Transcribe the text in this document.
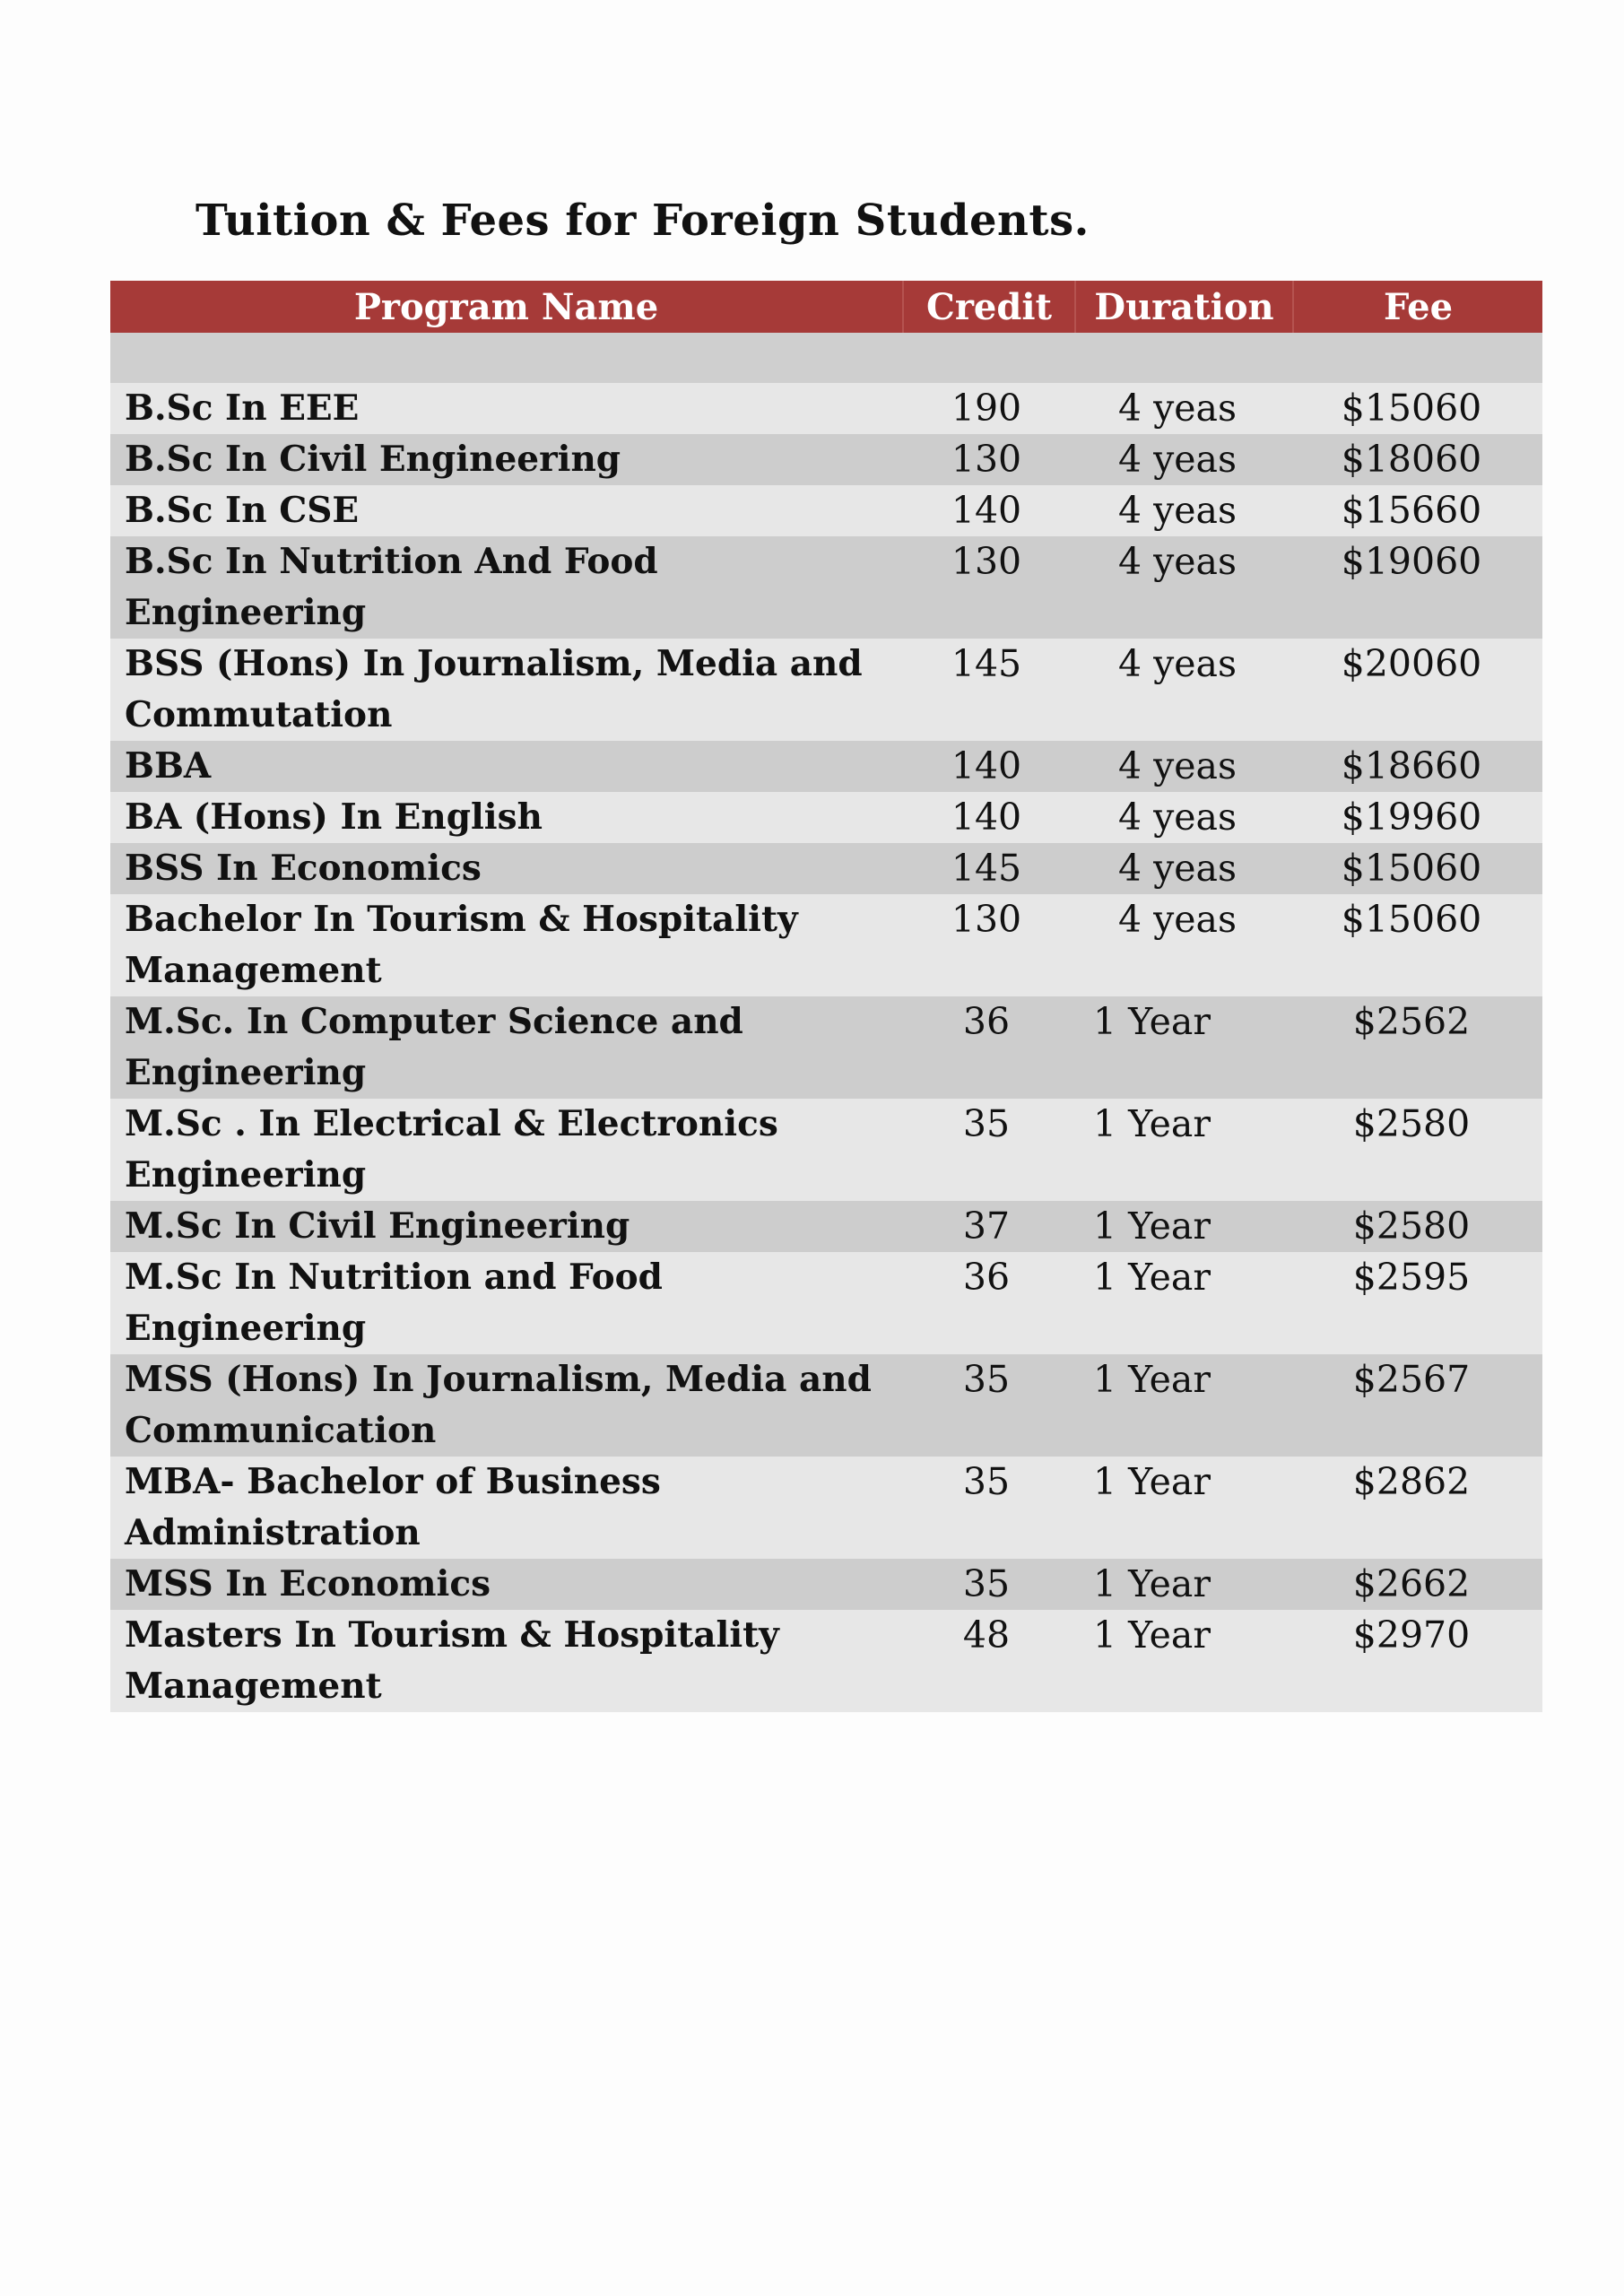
Tuition & Fees for Foreign Students.
Program Name	Credit	Duration	Fee

B.Sc In EEE	190	4 yeas	$15060
B.Sc In Civil Engineering	130	4 yeas	$18060
B.Sc In CSE	140	4 yeas	$15660
B.Sc In Nutrition And Food Engineering	130	4 yeas	$19060
BSS (Hons) In Journalism, Media and Commutation	145	4 yeas	$20060
BBA	140	4 yeas	$18660
BA (Hons) In English	140	4 yeas	$19960
BSS In Economics	145	4 yeas	$15060
Bachelor In Tourism & Hospitality Management	130	4 yeas	$15060
M.Sc. In Computer Science and Engineering	36	1 Year	$2562
M.Sc . In Electrical & Electronics Engineering	35	1 Year	$2580
M.Sc In Civil Engineering	37	1 Year	$2580
M.Sc In Nutrition and Food Engineering	36	1 Year	$2595
MSS (Hons) In Journalism, Media and Communication	35	1 Year	$2567
MBA- Bachelor of Business Administration	35	1 Year	$2862
MSS In Economics	35	1 Year	$2662
Masters In Tourism & Hospitality Management	48	1 Year	$2970
